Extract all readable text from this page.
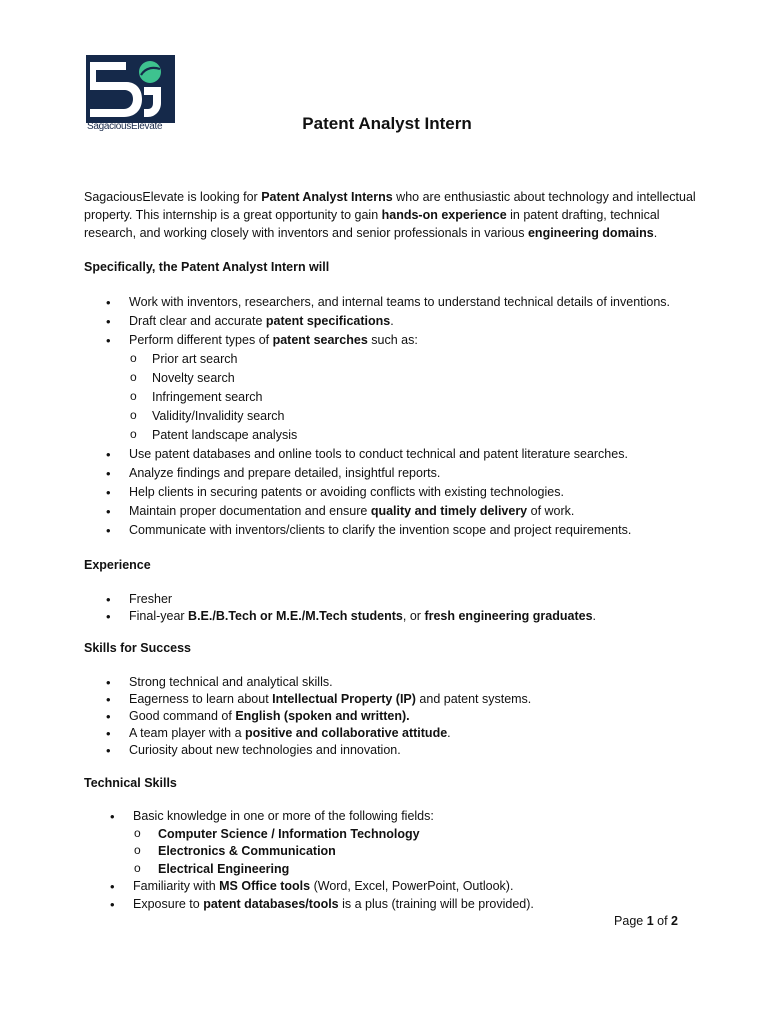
SagaciousElevate	Patent Analyst Intern
SagaciousElevate is looking for Patent Analyst Interns who are enthusiastic about technology and intellectual property. This internship is a great opportunity to gain hands-on experience in patent drafting, technical research, and working closely with inventors and senior professionals in various engineering domains.
Specifically, the Patent Analyst Intern will
• Work with inventors, researchers, and internal teams to understand technical details of inventions.
• Draft clear and accurate patent specifications.
• Perform different types of patent searches such as:
o Prior art search
o Novelty search
o Infringement search
o Validity/Invalidity search
o Patent landscape analysis
• Use patent databases and online tools to conduct technical and patent literature searches.
• Analyze findings and prepare detailed, insightful reports.
• Help clients in securing patents or avoiding conflicts with existing technologies.
• Maintain proper documentation and ensure quality and timely delivery of work.
• Communicate with inventors/clients to clarify the invention scope and project requirements.
Experience
• Fresher
• Final-year B.E./B.Tech or M.E./M.Tech students, or fresh engineering graduates.
Skills for Success
• Strong technical and analytical skills.
• Eagerness to learn about Intellectual Property (IP) and patent systems.
• Good command of English (spoken and written).
• A team player with a positive and collaborative attitude.
• Curiosity about new technologies and innovation.
Technical Skills
• Basic knowledge in one or more of the following fields:
o Computer Science / Information Technology
o Electronics & Communication
o Electrical Engineering
• Familiarity with MS Office tools (Word, Excel, PowerPoint, Outlook).
• Exposure to patent databases/tools is a plus (training will be provided).
Page 1 of 2
